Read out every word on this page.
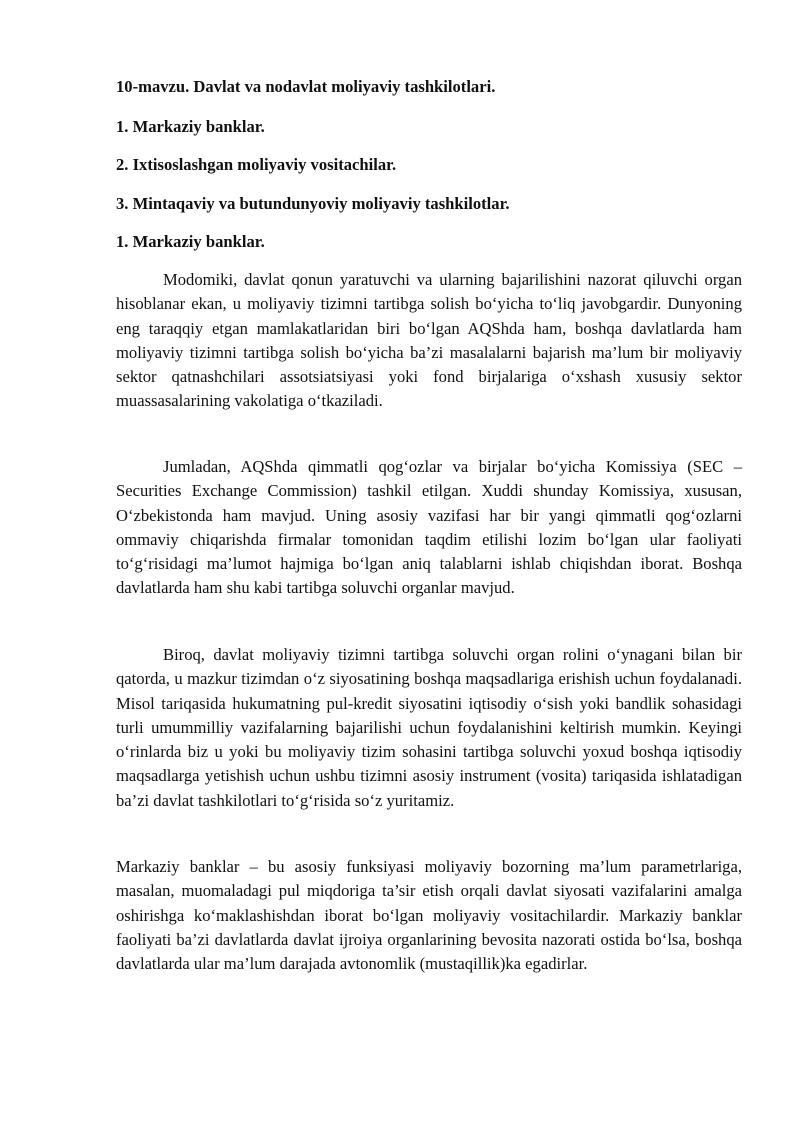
10-mavzu. Davlat va nodavlat moliyaviy tashkilotlari.

1. Markaziy banklar.

2. Ixtisoslashgan moliyaviy vositachilar.

3. Mintaqaviy va butundunyoviy moliyaviy tashkilotlar.

1. Markaziy banklar.

Modomiki, davlat qonun yaratuvchi va ularning bajarilishini nazorat qiluvchi organ hisoblanar ekan, u moliyaviy tizimni tartibga solish bo‘yicha to‘liq javobgardir. Dunyoning eng taraqqiy etgan mamlakatlaridan biri bo‘lgan AQShda ham, boshqa davlatlarda ham moliyaviy tizimni tartibga solish bo‘yicha ba’zi masalalarni bajarish ma’lum bir moliyaviy sektor qatnashchilari assotsiatsiyasi yoki fond birjalariga o‘xshash xususiy sektor muassasalarining vakolatiga o‘tkaziladi.

Jumladan, AQShda qimmatli qog‘ozlar va birjalar bo‘yicha Komissiya (SEC – Securities Exchange Commission) tashkil etilgan. Xuddi shunday Komissiya, xususan, O‘zbekistonda ham mavjud. Uning asosiy vazifasi har bir yangi qimmatli qog‘ozlarni ommaviy chiqarishda firmalar tomonidan taqdim etilishi lozim bo‘lgan ular faoliyati to‘g‘risidagi ma’lumot hajmiga bo‘lgan aniq talablarni ishlab chiqishdan iborat. Boshqa davlatlarda ham shu kabi tartibga soluvchi organlar mavjud.

Biroq, davlat moliyaviy tizimni tartibga soluvchi organ rolini o‘ynagani bilan bir qatorda, u mazkur tizimdan o‘z siyosatining boshqa maqsadlariga erishish uchun foydalanadi. Misol tariqasida hukumatning pul-kredit siyosatini iqtisodiy o‘sish yoki bandlik sohasidagi turli umummilliy vazifalarning bajarilishi uchun foydalanishini keltirish mumkin. Keyingi o‘rinlarda biz u yoki bu moliyaviy tizim sohasini tartibga soluvchi yoxud boshqa iqtisodiy maqsadlarga yetishish uchun ushbu tizimni asosiy instrument (vosita) tariqasida ishlatadigan ba’zi davlat tashkilotlari to‘g‘risida so‘z yuritamiz.

Markaziy banklar – bu asosiy funksiyasi moliyaviy bozorning ma’lum parametrlariga, masalan, muomaladagi pul miqdoriga ta’sir etish orqali davlat siyosati vazifalarini amalga oshirishga ko‘maklashishdan iborat bo‘lgan moliyaviy vositachilardir. Markaziy banklar faoliyati ba’zi davlatlarda davlat ijroiya organlarining bevosita nazorati ostida bo‘lsa, boshqa davlatlarda ular ma’lum darajada avtonomlik (mustaqillik)ka egadirlar.
